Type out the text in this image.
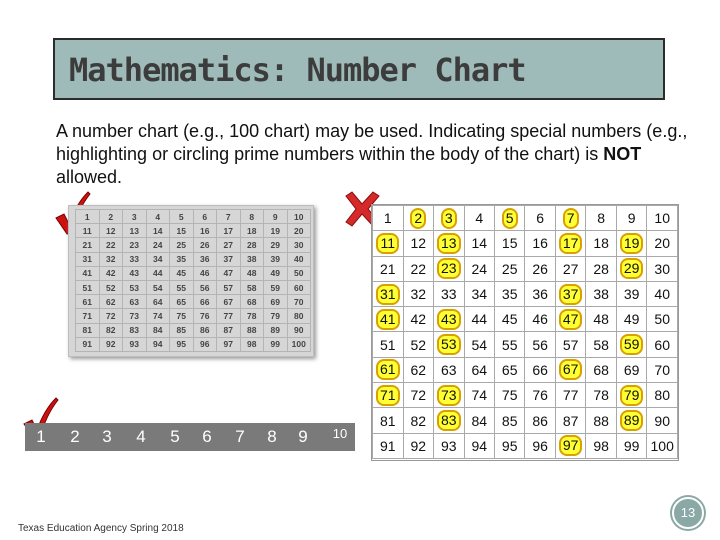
Mathematics: Number Chart
A number chart (e.g., 100 chart) may be used. Indicating special numbers (e.g., highlighting or circling prime numbers within the body of the chart) is NOT allowed.
1	2	3	4	5	6	7	8	9	10
11	12	13	14	15	16	17	18	19	20
21	22	23	24	25	26	27	28	29	30
31	32	33	34	35	36	37	38	39	40
41	42	43	44	45	46	47	48	49	50
51	52	53	54	55	56	57	58	59	60
61	62	63	64	65	66	67	68	69	70
71	72	73	74	75	76	77	78	79	80
81	82	83	84	85	86	87	88	89	90
91	92	93	94	95	96	97	98	99	100
1	2	3	4	5	6	7	8	9	10
1	2	3	4	5	6	7	8	9	10
11	12	13	14	15	16	17	18	19	20
21	22	23	24	25	26	27	28	29	30
31	32	33	34	35	36	37	38	39	40
41	42	43	44	45	46	47	48	49	50
51	52	53	54	55	56	57	58	59	60
61	62	63	64	65	66	67	68	69	70
71	72	73	74	75	76	77	78	79	80
81	82	83	84	85	86	87	88	89	90
91	92	93	94	95	96	97	98	99	100
13
Texas Education Agency Spring 2018
